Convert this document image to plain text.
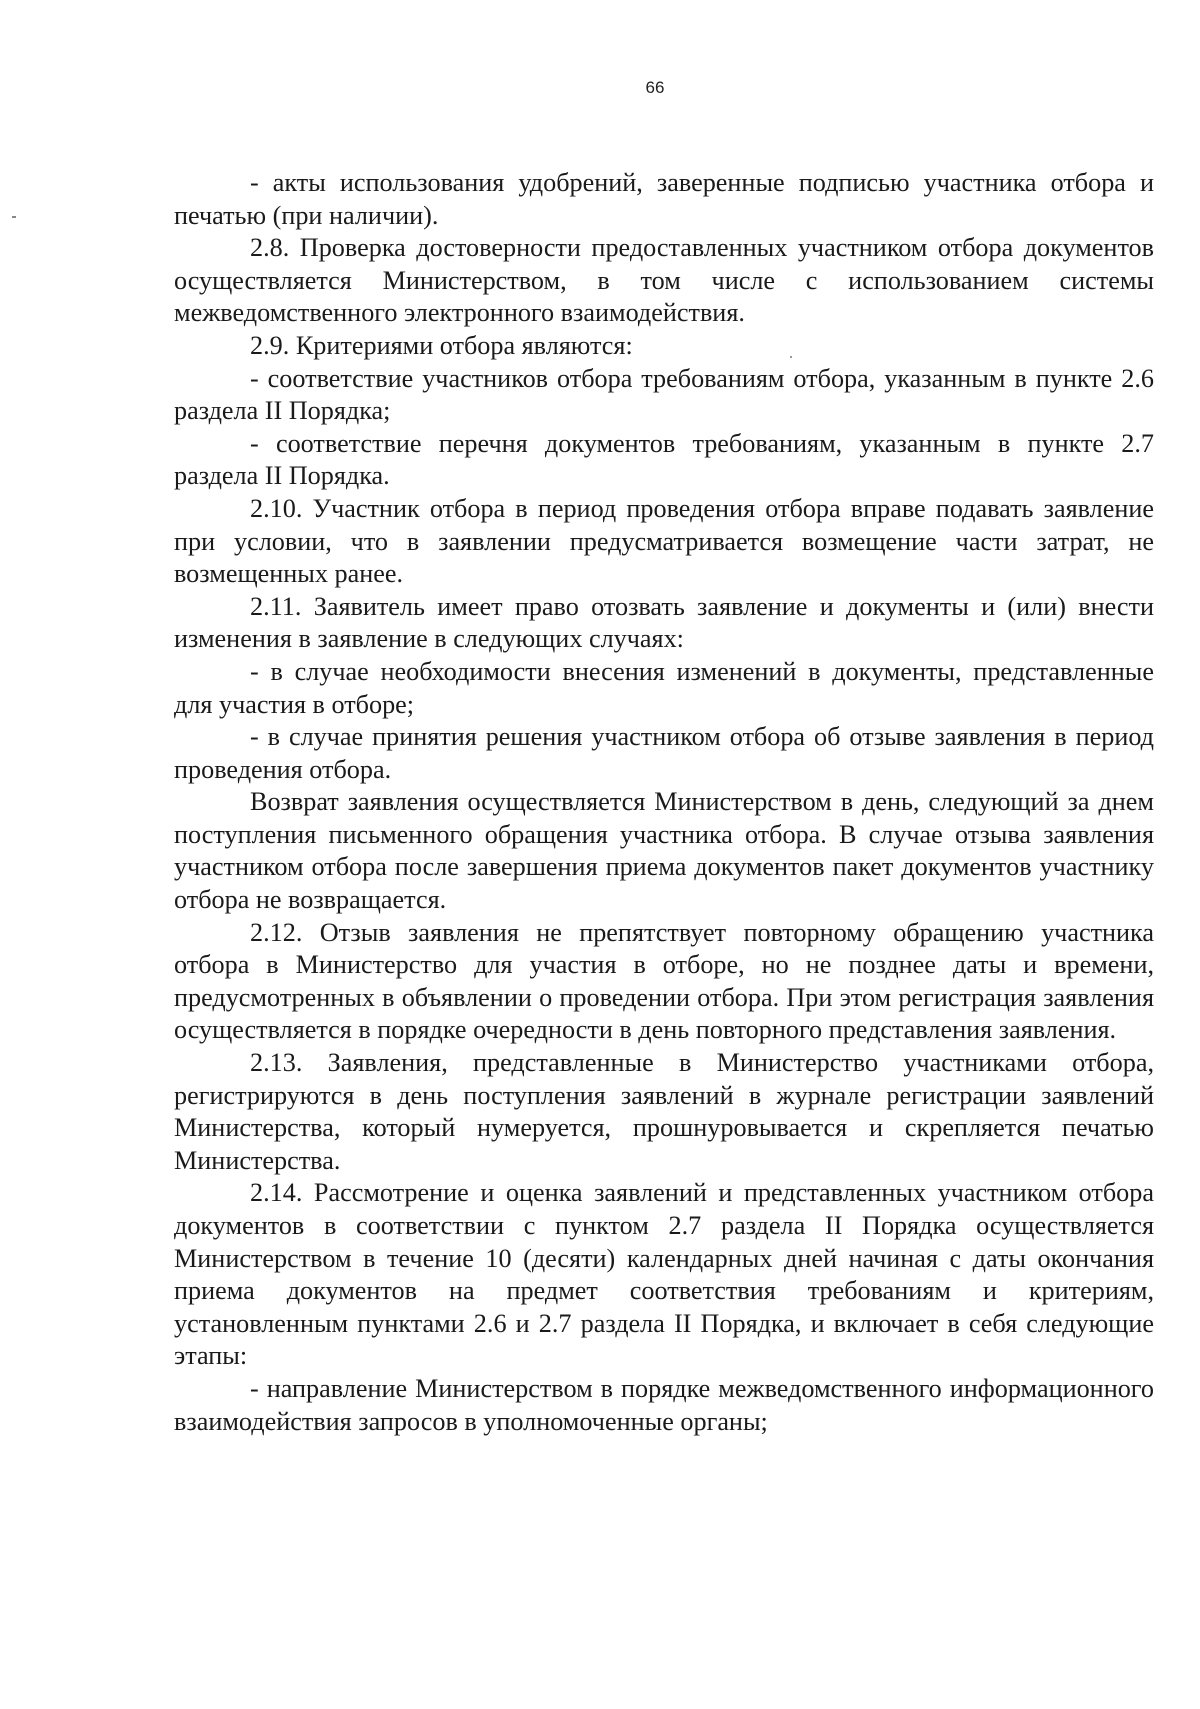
66

- акты использования удобрений, заверенные подписью участника отбора и печатью (при наличии).

2.8. Проверка достоверности предоставленных участником отбора документов осуществляется Министерством, в том числе с использованием системы межведомственного электронного взаимодействия.

2.9. Критериями отбора являются:

- соответствие участников отбора требованиям отбора, указанным в пункте 2.6 раздела II Порядка;

- соответствие перечня документов требованиям, указанным в пункте 2.7 раздела II Порядка.

2.10. Участник отбора в период проведения отбора вправе подавать заявление при условии, что в заявлении предусматривается возмещение части затрат, не возмещенных ранее.

2.11. Заявитель имеет право отозвать заявление и документы и (или) внести изменения в заявление в следующих случаях:

- в случае необходимости внесения изменений в документы, представленные для участия в отборе;

- в случае принятия решения участником отбора об отзыве заявления в период проведения отбора.

Возврат заявления осуществляется Министерством в день, следующий за днем поступления письменного обращения участника отбора. В случае отзыва заявления участником отбора после завершения приема документов пакет документов участнику отбора не возвращается.

2.12. Отзыв заявления не препятствует повторному обращению участника отбора в Министерство для участия в отборе, но не позднее даты и времени, предусмотренных в объявлении о проведении отбора. При этом регистрация заявления осуществляется в порядке очередности в день повторного представления заявления.

2.13. Заявления, представленные в Министерство участниками отбора, регистрируются в день поступления заявлений в журнале регистрации заявлений Министерства, который нумеруется, прошнуровывается и скрепляется печатью Министерства.

2.14. Рассмотрение и оценка заявлений и представленных участником отбора документов в соответствии с пунктом 2.7 раздела II Порядка осуществляется Министерством в течение 10 (десяти) календарных дней начиная с даты окончания приема документов на предмет соответствия требованиям и критериям, установленным пунктами 2.6 и 2.7 раздела II Порядка, и включает в себя следующие этапы:

- направление Министерством в порядке межведомственного информационного взаимодействия запросов в уполномоченные органы;
